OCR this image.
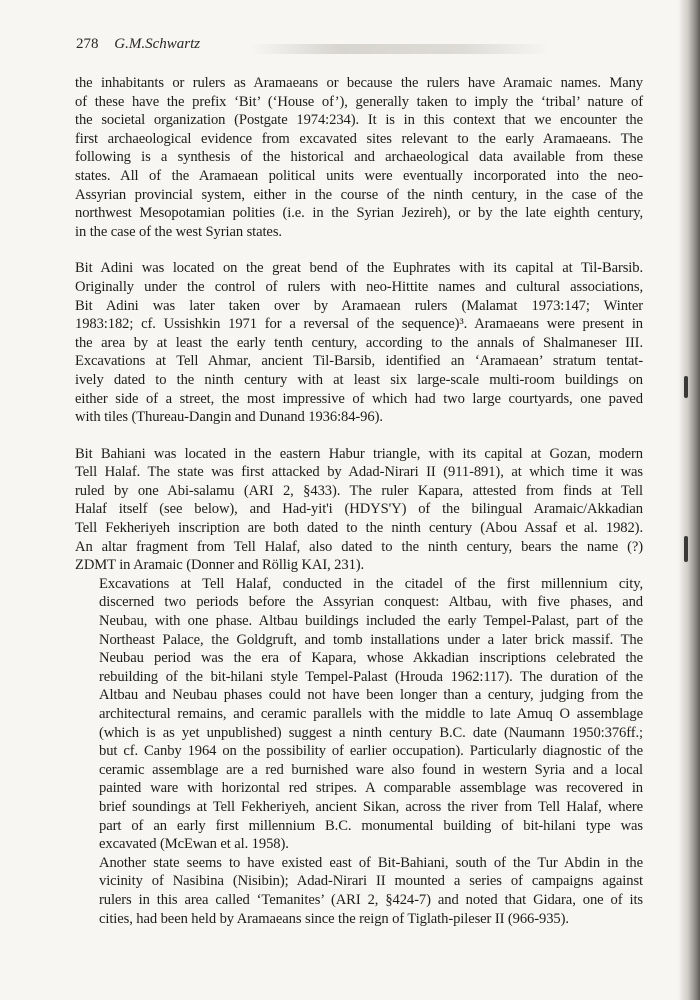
278 G.M.Schwartz

the inhabitants or rulers as Aramaeans or because the rulers have Aramaic names. Many
of these have the prefix ‘Bit’ (‘House of’), generally taken to imply the ‘tribal’ nature of
the societal organization (Postgate 1974:234). It is in this context that we encounter the
first archaeological evidence from excavated sites relevant to the early Aramaeans. The
following is a synthesis of the historical and archaeological data available from these
states. All of the Aramaean political units were eventually incorporated into the neo-
Assyrian provincial system, either in the course of the ninth century, in the case of the
northwest Mesopotamian polities (i.e. in the Syrian Jezireh), or by the late eighth century,
in the case of the west Syrian states.

Bit Adini was located on the great bend of the Euphrates with its capital at Til-Barsib.
Originally under the control of rulers with neo-Hittite names and cultural associations,
Bit Adini was later taken over by Aramaean rulers (Malamat 1973:147; Winter
1983:182; cf. Ussishkin 1971 for a reversal of the sequence)³. Aramaeans were present in
the area by at least the early tenth century, according to the annals of Shalmaneser III.
Excavations at Tell Ahmar, ancient Til-Barsib, identified an ‘Aramaean’ stratum tentat-
ively dated to the ninth century with at least six large-scale multi-room buildings on
either side of a street, the most impressive of which had two large courtyards, one paved
with tiles (Thureau-Dangin and Dunand 1936:84-96).

Bit Bahiani was located in the eastern Habur triangle, with its capital at Gozan, modern
Tell Halaf. The state was first attacked by Adad-Nirari II (911-891), at which time it was
ruled by one Abi-salamu (ARI 2, §433). The ruler Kapara, attested from finds at Tell
Halaf itself (see below), and Had-yit'i (HDYS'Y) of the bilingual Aramaic/Akkadian
Tell Fekheriyeh inscription are both dated to the ninth century (Abou Assaf et al. 1982).
An altar fragment from Tell Halaf, also dated to the ninth century, bears the name (?)
ZDMT in Aramaic (Donner and Röllig KAI, 231).

Excavations at Tell Halaf, conducted in the citadel of the first millennium city,
discerned two periods before the Assyrian conquest: Altbau, with five phases, and
Neubau, with one phase. Altbau buildings included the early Tempel-Palast, part of the
Northeast Palace, the Goldgruft, and tomb installations under a later brick massif. The
Neubau period was the era of Kapara, whose Akkadian inscriptions celebrated the
rebuilding of the bit-hilani style Tempel-Palast (Hrouda 1962:117). The duration of the
Altbau and Neubau phases could not have been longer than a century, judging from the
architectural remains, and ceramic parallels with the middle to late Amuq O assemblage
(which is as yet unpublished) suggest a ninth century B.C. date (Naumann 1950:376ff.;
but cf. Canby 1964 on the possibility of earlier occupation). Particularly diagnostic of the
ceramic assemblage are a red burnished ware also found in western Syria and a local
painted ware with horizontal red stripes. A comparable assemblage was recovered in
brief soundings at Tell Fekheriyeh, ancient Sikan, across the river from Tell Halaf, where
part of an early first millennium B.C. monumental building of bit-hilani type was
excavated (McEwan et al. 1958).

Another state seems to have existed east of Bit-Bahiani, south of the Tur Abdin in the
vicinity of Nasibina (Nisibin); Adad-Nirari II mounted a series of campaigns against
rulers in this area called ‘Temanites’ (ARI 2, §424-7) and noted that Gidara, one of its
cities, had been held by Aramaeans since the reign of Tiglath-pileser II (966-935).
